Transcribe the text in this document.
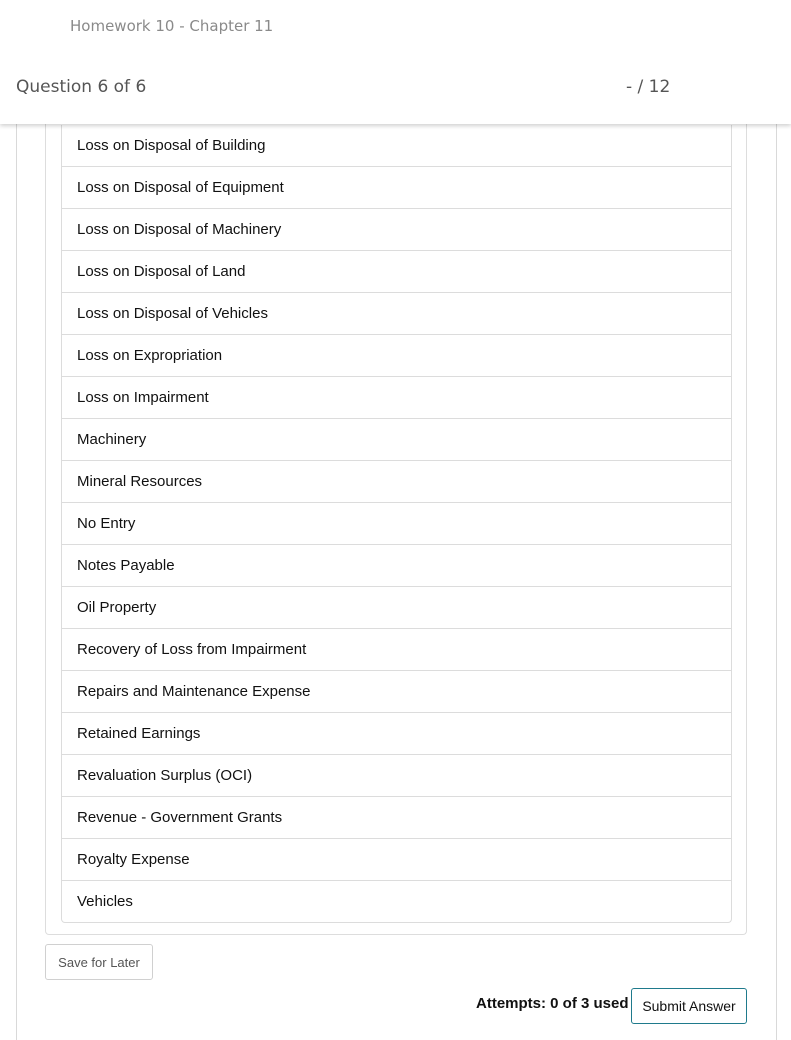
Homework 10 - Chapter 11
Question 6 of 6	- / 12
Loss on Disposal of Building
Loss on Disposal of Equipment
Loss on Disposal of Machinery
Loss on Disposal of Land
Loss on Disposal of Vehicles
Loss on Expropriation
Loss on Impairment
Machinery
Mineral Resources
No Entry
Notes Payable
Oil Property
Recovery of Loss from Impairment
Repairs and Maintenance Expense
Retained Earnings
Revaluation Surplus (OCI)
Revenue - Government Grants
Royalty Expense
Vehicles
Save for Later
Attempts: 0 of 3 used Submit Answer
